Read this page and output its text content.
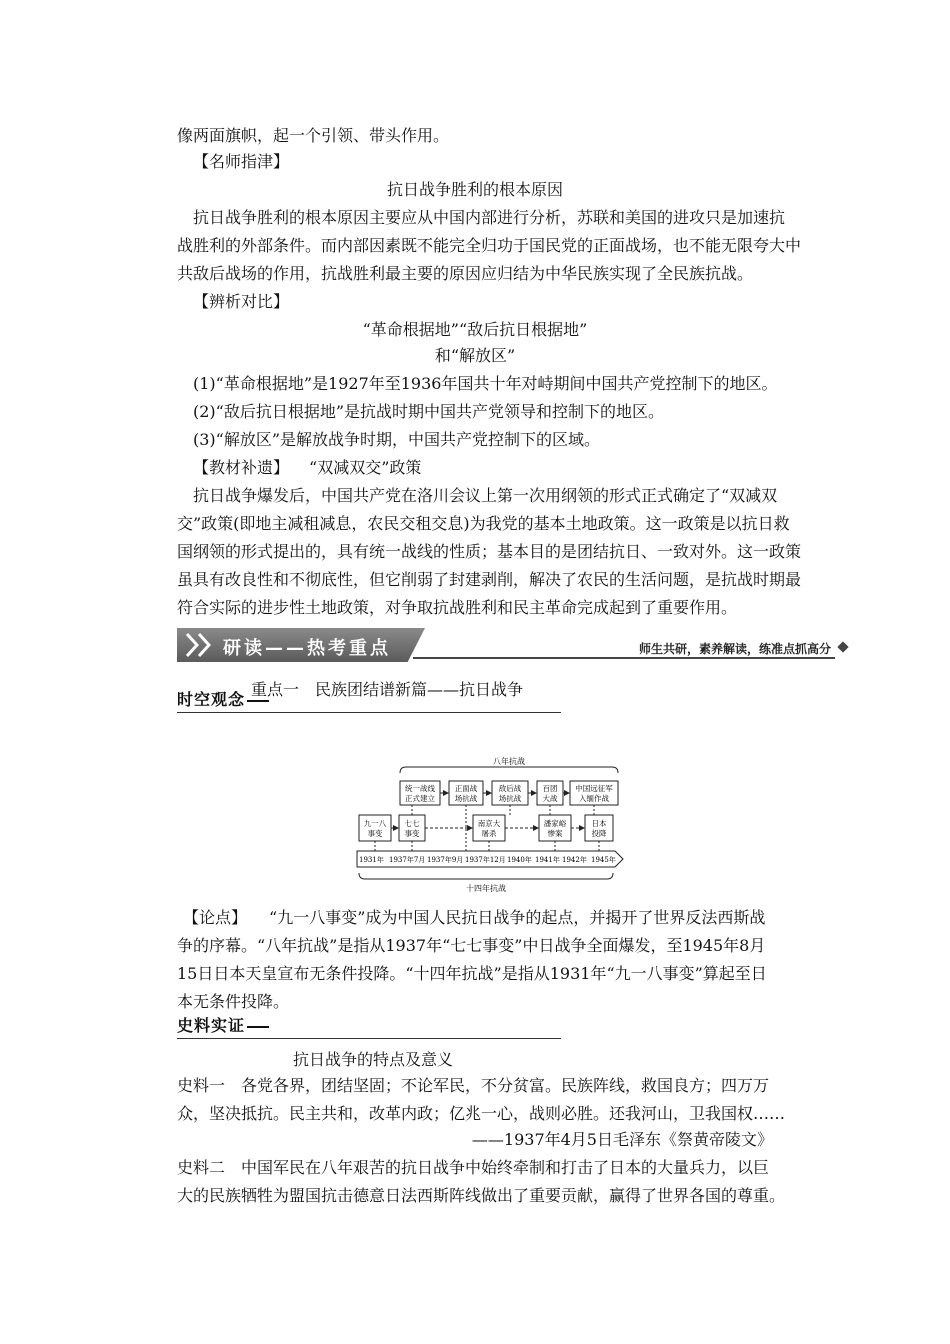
像两面旗帜，起一个引领、带头作用。
【名师指津】
抗日战争胜利的根本原因
抗日战争胜利的根本原因主要应从中国内部进行分析，苏联和美国的进攻只是加速抗
战胜利的外部条件。而内部因素既不能完全归功于国民党的正面战场，也不能无限夸大中
共敌后战场的作用，抗战胜利最主要的原因应归结为中华民族实现了全民族抗战。
【辨析对比】
“革命根据地”“敌后抗日根据地”
和“解放区”
(1)“革命根据地”是1927年至1936年国共十年对峙期间中国共产党控制下的地区。
(2)“敌后抗日根据地”是抗战时期中国共产党领导和控制下的地区。
(3)“解放区”是解放战争时期，中国共产党控制下的区域。
【教材补遗】 “双减双交”政策
抗日战争爆发后，中国共产党在洛川会议上第一次用纲领的形式正式确定了“双减双
交”政策(即地主减租减息，农民交租交息)为我党的基本土地政策。这一政策是以抗日救
国纲领的形式提出的，具有统一战线的性质；基本目的是团结抗日、一致对外。这一政策
虽具有改良性和不彻底性，但它削弱了封建剥削，解决了农民的生活问题，是抗战时期最
符合实际的进步性土地政策，对争取抗战胜利和民主革命完成起到了重要作用。
研读——热考重点	师生共研，素养解读，练准点抓高分
重点一　民族团结谱新篇——抗日战争
时空观念
八年抗战
统一战线
正式建立
正面战
场抗战
敌后战
场抗战
百团
大战
中国远征军
入缅作战
九一八
事变
七七
事变
南京大
屠杀
潘家峪
惨案
日本
投降
1931年 1937年7月 1937年9月 1937年12月 1940年 1941年 1942年 1945年
十四年抗战
【论点】 “九一八事变”成为中国人民抗日战争的起点，并揭开了世界反法西斯战
争的序幕。“八年抗战”是指从1937年“七七事变”中日战争全面爆发，至1945年8月
15日日本天皇宣布无条件投降。“十四年抗战”是指从1931年“九一八事变”算起至日
本无条件投降。
史料实证
抗日战争的特点及意义
史料一 各党各界，团结坚固；不论军民，不分贫富。民族阵线，救国良方；四万万
众，坚决抵抗。民主共和，改革内政；亿兆一心，战则必胜。还我河山，卫我国权……
——1937年4月5日毛泽东《祭黄帝陵文》
史料二 中国军民在八年艰苦的抗日战争中始终牵制和打击了日本的大量兵力，以巨
大的民族牺牲为盟国抗击德意日法西斯阵线做出了重要贡献，赢得了世界各国的尊重。
